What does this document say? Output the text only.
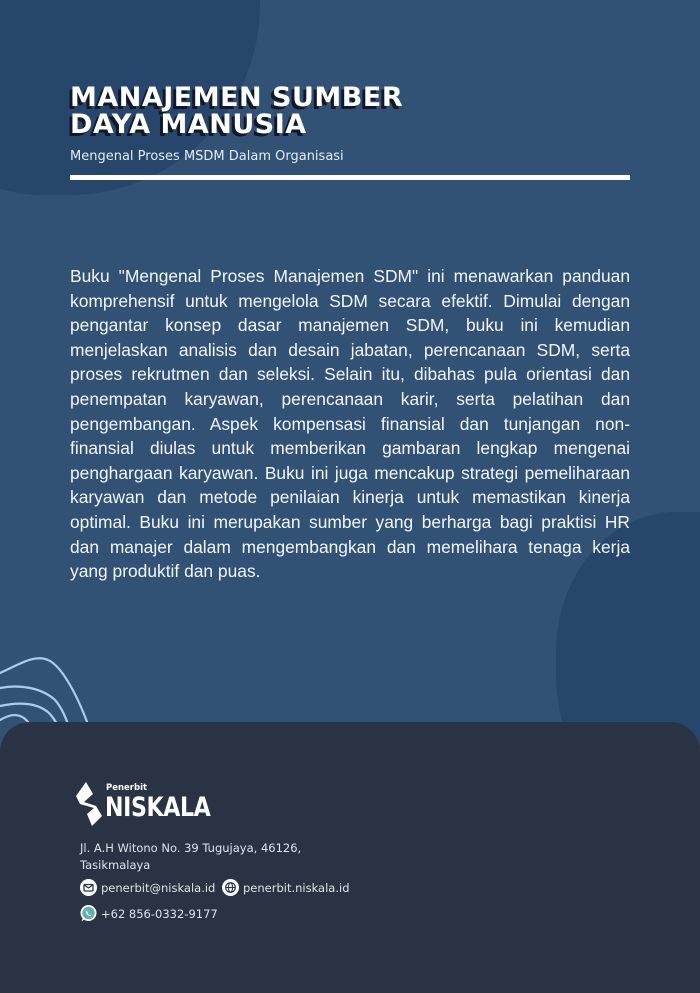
MANAJEMEN SUMBER
DAYA MANUSIA
Mengenal Proses MSDM Dalam Organisasi

Buku "Mengenal Proses Manajemen SDM" ini menawarkan panduan komprehensif untuk mengelola SDM secara efektif. Dimulai dengan pengantar konsep dasar manajemen SDM, buku ini kemudian menjelaskan analisis dan desain jabatan, perencanaan SDM, serta proses rekrutmen dan seleksi. Selain itu, dibahas pula orientasi dan penempatan karyawan, perencanaan karir, serta pelatihan dan pengembangan. Aspek kompensasi finansial dan tunjangan non-finansial diulas untuk memberikan gambaran lengkap mengenai penghargaan karyawan. Buku ini juga mencakup strategi pemeliharaan karyawan dan metode penilaian kinerja untuk memastikan kinerja optimal. Buku ini merupakan sumber yang berharga bagi praktisi HR dan manajer dalam mengembangkan dan memelihara tenaga kerja yang produktif dan puas.

Penerbit
NISKALA
Jl. A.H Witono No. 39 Tugujaya, 46126, Tasikmalaya
penerbit@niskala.id penerbit.niskala.id
+62 856-0332-9177
